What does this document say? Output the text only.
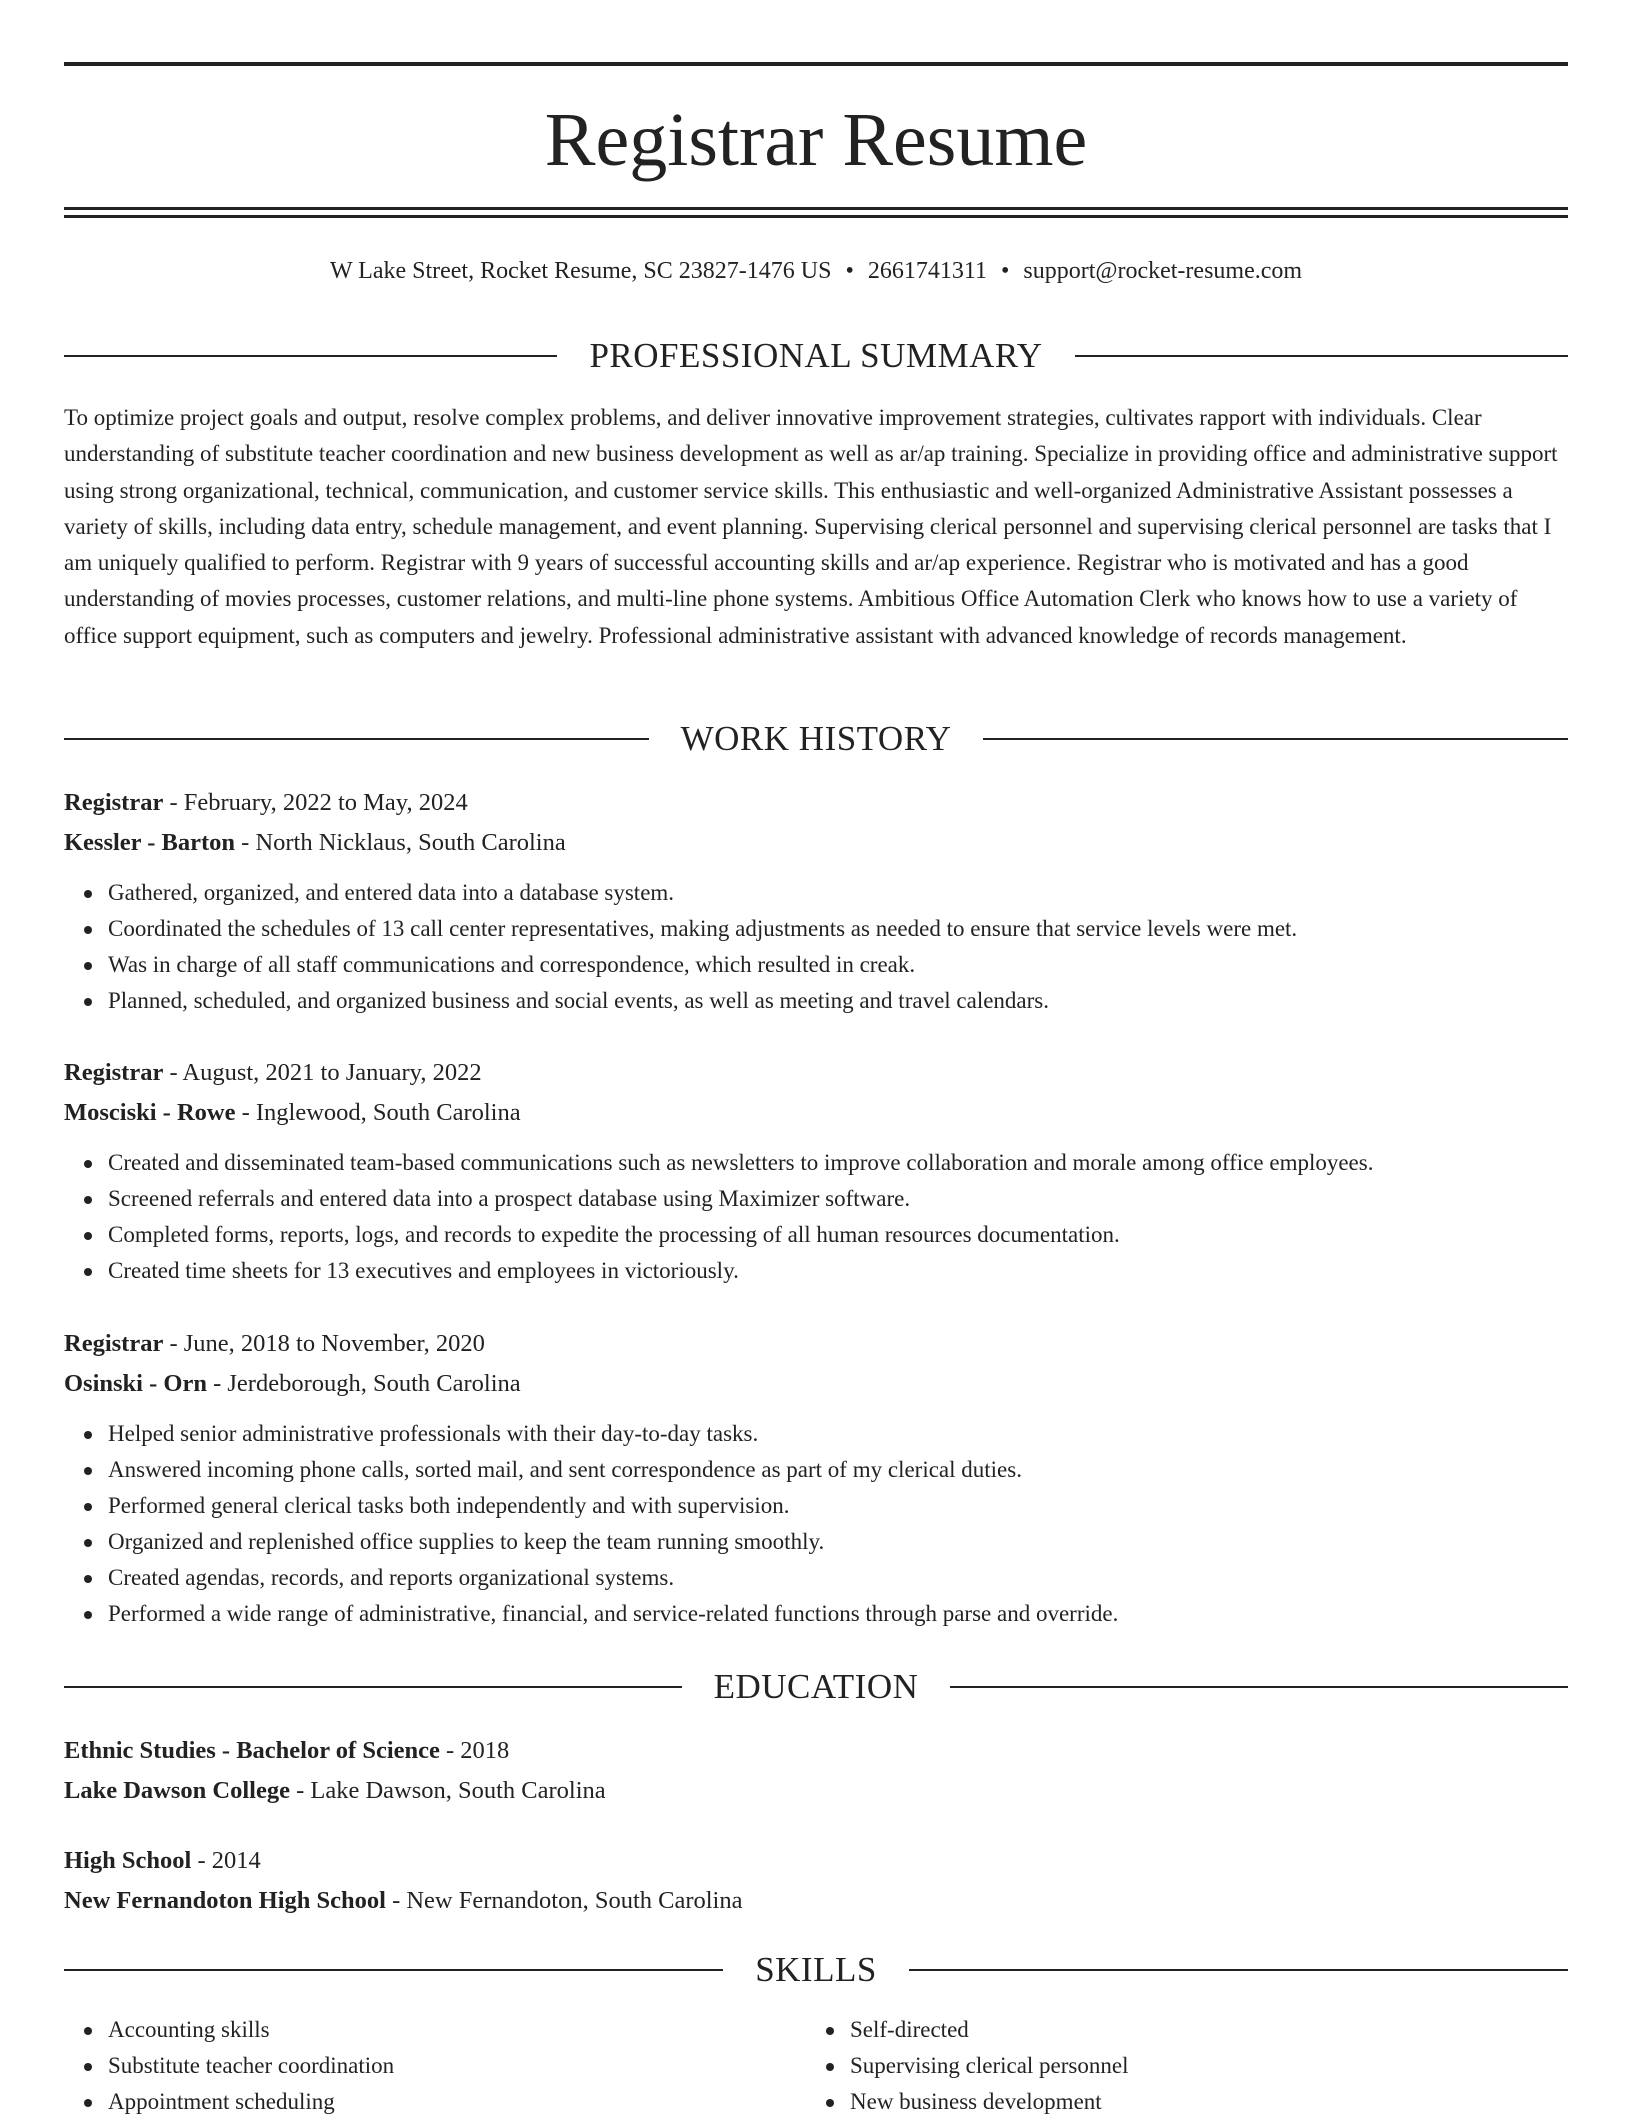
Registrar Resume
W Lake Street, Rocket Resume, SC 23827-1476 US • 2661741311 • support@rocket-resume.com
PROFESSIONAL SUMMARY

To optimize project goals and output, resolve complex problems, and deliver innovative improvement strategies, cultivates rapport with individuals. Clear understanding of substitute teacher coordination and new business development as well as ar/ap training. Specialize in providing office and administrative support using strong organizational, technical, communication, and customer service skills. This enthusiastic and well-organized Administrative Assistant possesses a variety of skills, including data entry, schedule management, and event planning. Supervising clerical personnel and supervising clerical personnel are tasks that I am uniquely qualified to perform. Registrar with 9 years of successful accounting skills and ar/ap experience. Registrar who is motivated and has a good understanding of movies processes, customer relations, and multi-line phone systems. Ambitious Office Automation Clerk who knows how to use a variety of office support equipment, such as computers and jewelry. Professional administrative assistant with advanced knowledge of records management.

WORK HISTORY
Registrar - February, 2022 to May, 2024
Kessler - Barton - North Nicklaus, South Carolina
Gathered, organized, and entered data into a database system.
Coordinated the schedules of 13 call center representatives, making adjustments as needed to ensure that service levels were met.
Was in charge of all staff communications and correspondence, which resulted in creak.
Planned, scheduled, and organized business and social events, as well as meeting and travel calendars.
Registrar - August, 2021 to January, 2022
Mosciski - Rowe - Inglewood, South Carolina
Created and disseminated team-based communications such as newsletters to improve collaboration and morale among office employees.
Screened referrals and entered data into a prospect database using Maximizer software.
Completed forms, reports, logs, and records to expedite the processing of all human resources documentation.
Created time sheets for 13 executives and employees in victoriously.
Registrar - June, 2018 to November, 2020
Osinski - Orn - Jerdeborough, South Carolina
Helped senior administrative professionals with their day-to-day tasks.
Answered incoming phone calls, sorted mail, and sent correspondence as part of my clerical duties.
Performed general clerical tasks both independently and with supervision.
Organized and replenished office supplies to keep the team running smoothly.
Created agendas, records, and reports organizational systems.
Performed a wide range of administrative, financial, and service-related functions through parse and override.
EDUCATION
Ethnic Studies - Bachelor of Science - 2018
Lake Dawson College - Lake Dawson, South Carolina
High School - 2014
New Fernandoton High School - New Fernandoton, South Carolina
SKILLS
Accounting skills
Substitute teacher coordination
Appointment scheduling
Self-directed
Supervising clerical personnel
New business development
